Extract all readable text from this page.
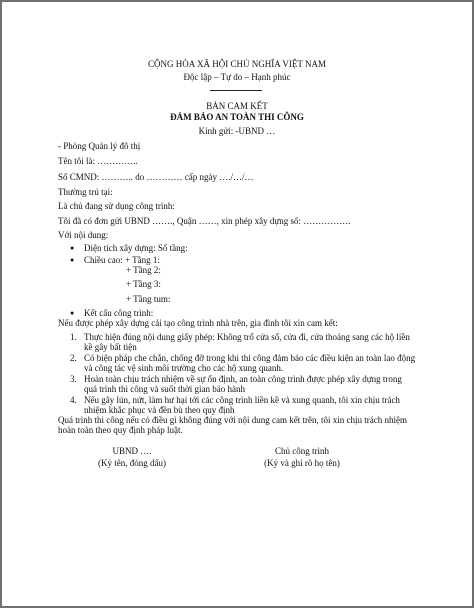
CỘNG HÒA XÃ HỘI CHỦ NGHĨA VIỆT NAM
Độc lập – Tự do – Hạnh phúc
BẢN CAM KẾT
ĐẢM BẢO AN TOÀN THI CÔNG
Kính gửi: -UBND …
- Phòng Quản lý đô thị
Tên tôi là: …………..
Số CMND: ……….. do ………… cấp ngày …./…/…
Thường trú tại:
Là chủ đang sử dụng công trình:
Tôi đã có đơn gửi UBND ……., Quận ……, xin phép xây dựng số: …………….
Với nội dung:
● Diện tích xây dựng: Số tầng:
● Chiều cao: + Tầng 1:
+ Tầng 2:
+ Tầng 3:
+ Tầng tum:
● Kết cấu công trình:
Nếu được phép xây dựng cải tạo công trình nhà trên, gia đình tôi xin cam kết:
1. Thực hiện đúng nội dung giấy phép: Không trổ cửa sổ, cửa đi, cửa thoáng sang các hộ liền
kề gây bất tiện
2. Có biện pháp che chắn, chống đỡ trong khi thi công đảm bảo các điều kiện an toàn lao động
và công tác vệ sinh môi trường cho các hộ xung quanh.
3. Hoàn toàn chịu trách nhiệm về sự ổn định, an toàn công trình được phép xây dựng trong
quá trình thi công và suốt thời gian bảo hành
4. Nếu gây lún, nứt, làm hư hại tới các công trình liền kề và xung quanh, tôi xin chịu trách
nhiệm khắc phục và đền bù theo quy định
Quá trình thi công nếu có điều gì không đúng với nội dung cam kết trên, tôi xin chịu trách nhiệm
hoàn toàn theo quy định pháp luật.
UBND ….
(Ký tên, đóng dấu)
Chủ công trình
(Ký và ghi rõ họ tên)
